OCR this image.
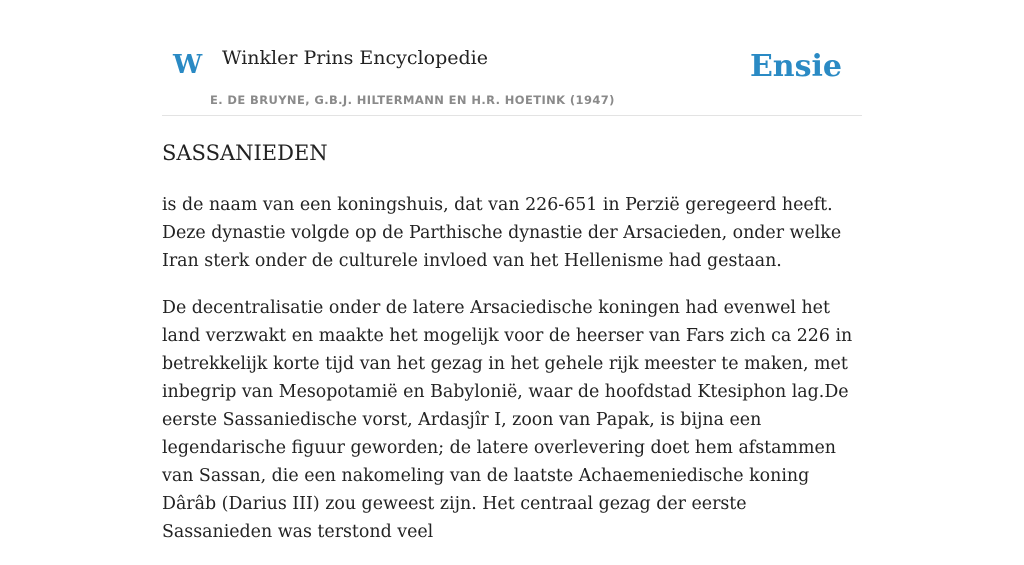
W Winkler Prins Encyclopedie
E. DE BRUYNE, G.B.J. HILTERMANN EN H.R. HOETINK (1947)
Ensie
SASSANIEDEN

is de naam van een koningshuis, dat van 226-651 in Perzië geregeerd heeft. Deze dynastie volgde op de Parthische dynastie der Arsacieden, onder welke Iran sterk onder de culturele invloed van het Hellenisme had gestaan.

De decentralisatie onder de latere Arsaciedische koningen had evenwel het land verzwakt en maakte het mogelijk voor de heerser van Fars zich ca 226 in betrekkelijk korte tijd van het gezag in het gehele rijk meester te maken, met inbegrip van Mesopotamië en Babylonië, waar de hoofdstad Ktesiphon lag.De eerste Sassaniedische vorst, Ardasjîr I, zoon van Papak, is bijna een legendarische figuur geworden; de latere overlevering doet hem afstammen van Sassan, die een nakomeling van de laatste Achaemeniedische koning Dârâb (Darius III) zou geweest zijn. Het centraal gezag der eerste Sassanieden was terstond veel
